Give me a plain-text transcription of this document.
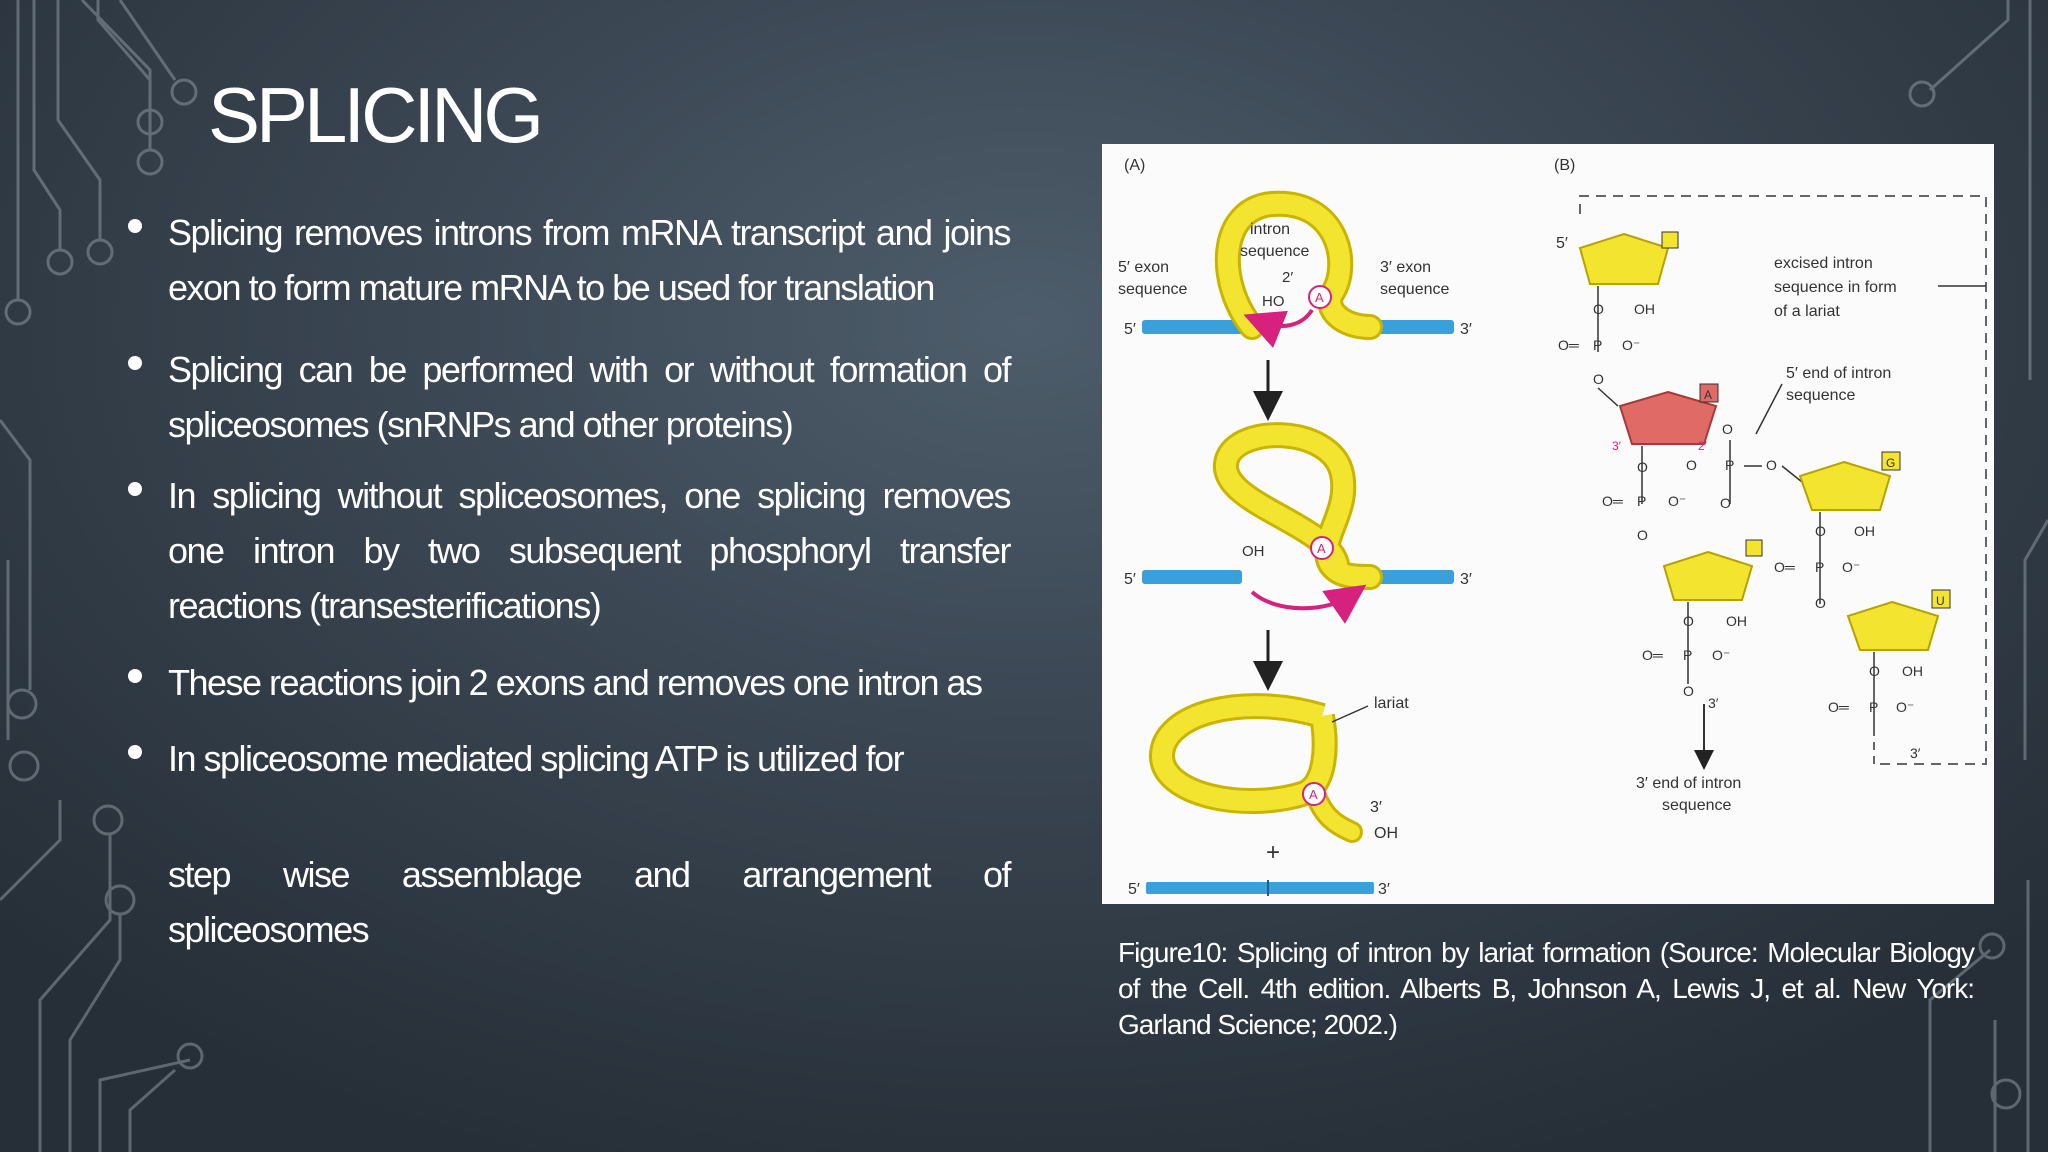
SPLICING
Splicing removes introns from mRNA transcript and joins exon to form mature mRNA to be used for translation
Splicing can be performed with or without formation of spliceosomes (snRNPs and other proteins)
In splicing without spliceosomes, one splicing removes one intron by two subsequent phosphoryl transfer reactions (transesterifications)
These reactions join 2 exons and removes one intron as
In spliceosome mediated splicing ATP is utilized for

step wise assemblage and arrangement of

spliceosomes

(A)
A
HO
2′
intron
sequence
5′ exon
sequence
3′ exon
sequence
5′	3′
A
OH
5′	3′
A
lariat
3′
OH
+
5′	3′
(B)
5′
OH
O
O═ P O⁻
O
A
3′	2′
O
O
O═ P O⁻
O
O P O
O
G
OH
O
O═ P O⁻
O
OH
O
O═ P O⁻
O
3′
3′ end of intron
sequence
U
OH
O
O═ P O⁻
3′
excised intron
sequence in form
of a lariat
5′ end of intron
sequence

Figure10: Splicing of intron by lariat formation (Source: Molecular Biology of the Cell. 4th edition. Alberts B, Johnson A, Lewis J, et al. New York: Garland Science; 2002.)
